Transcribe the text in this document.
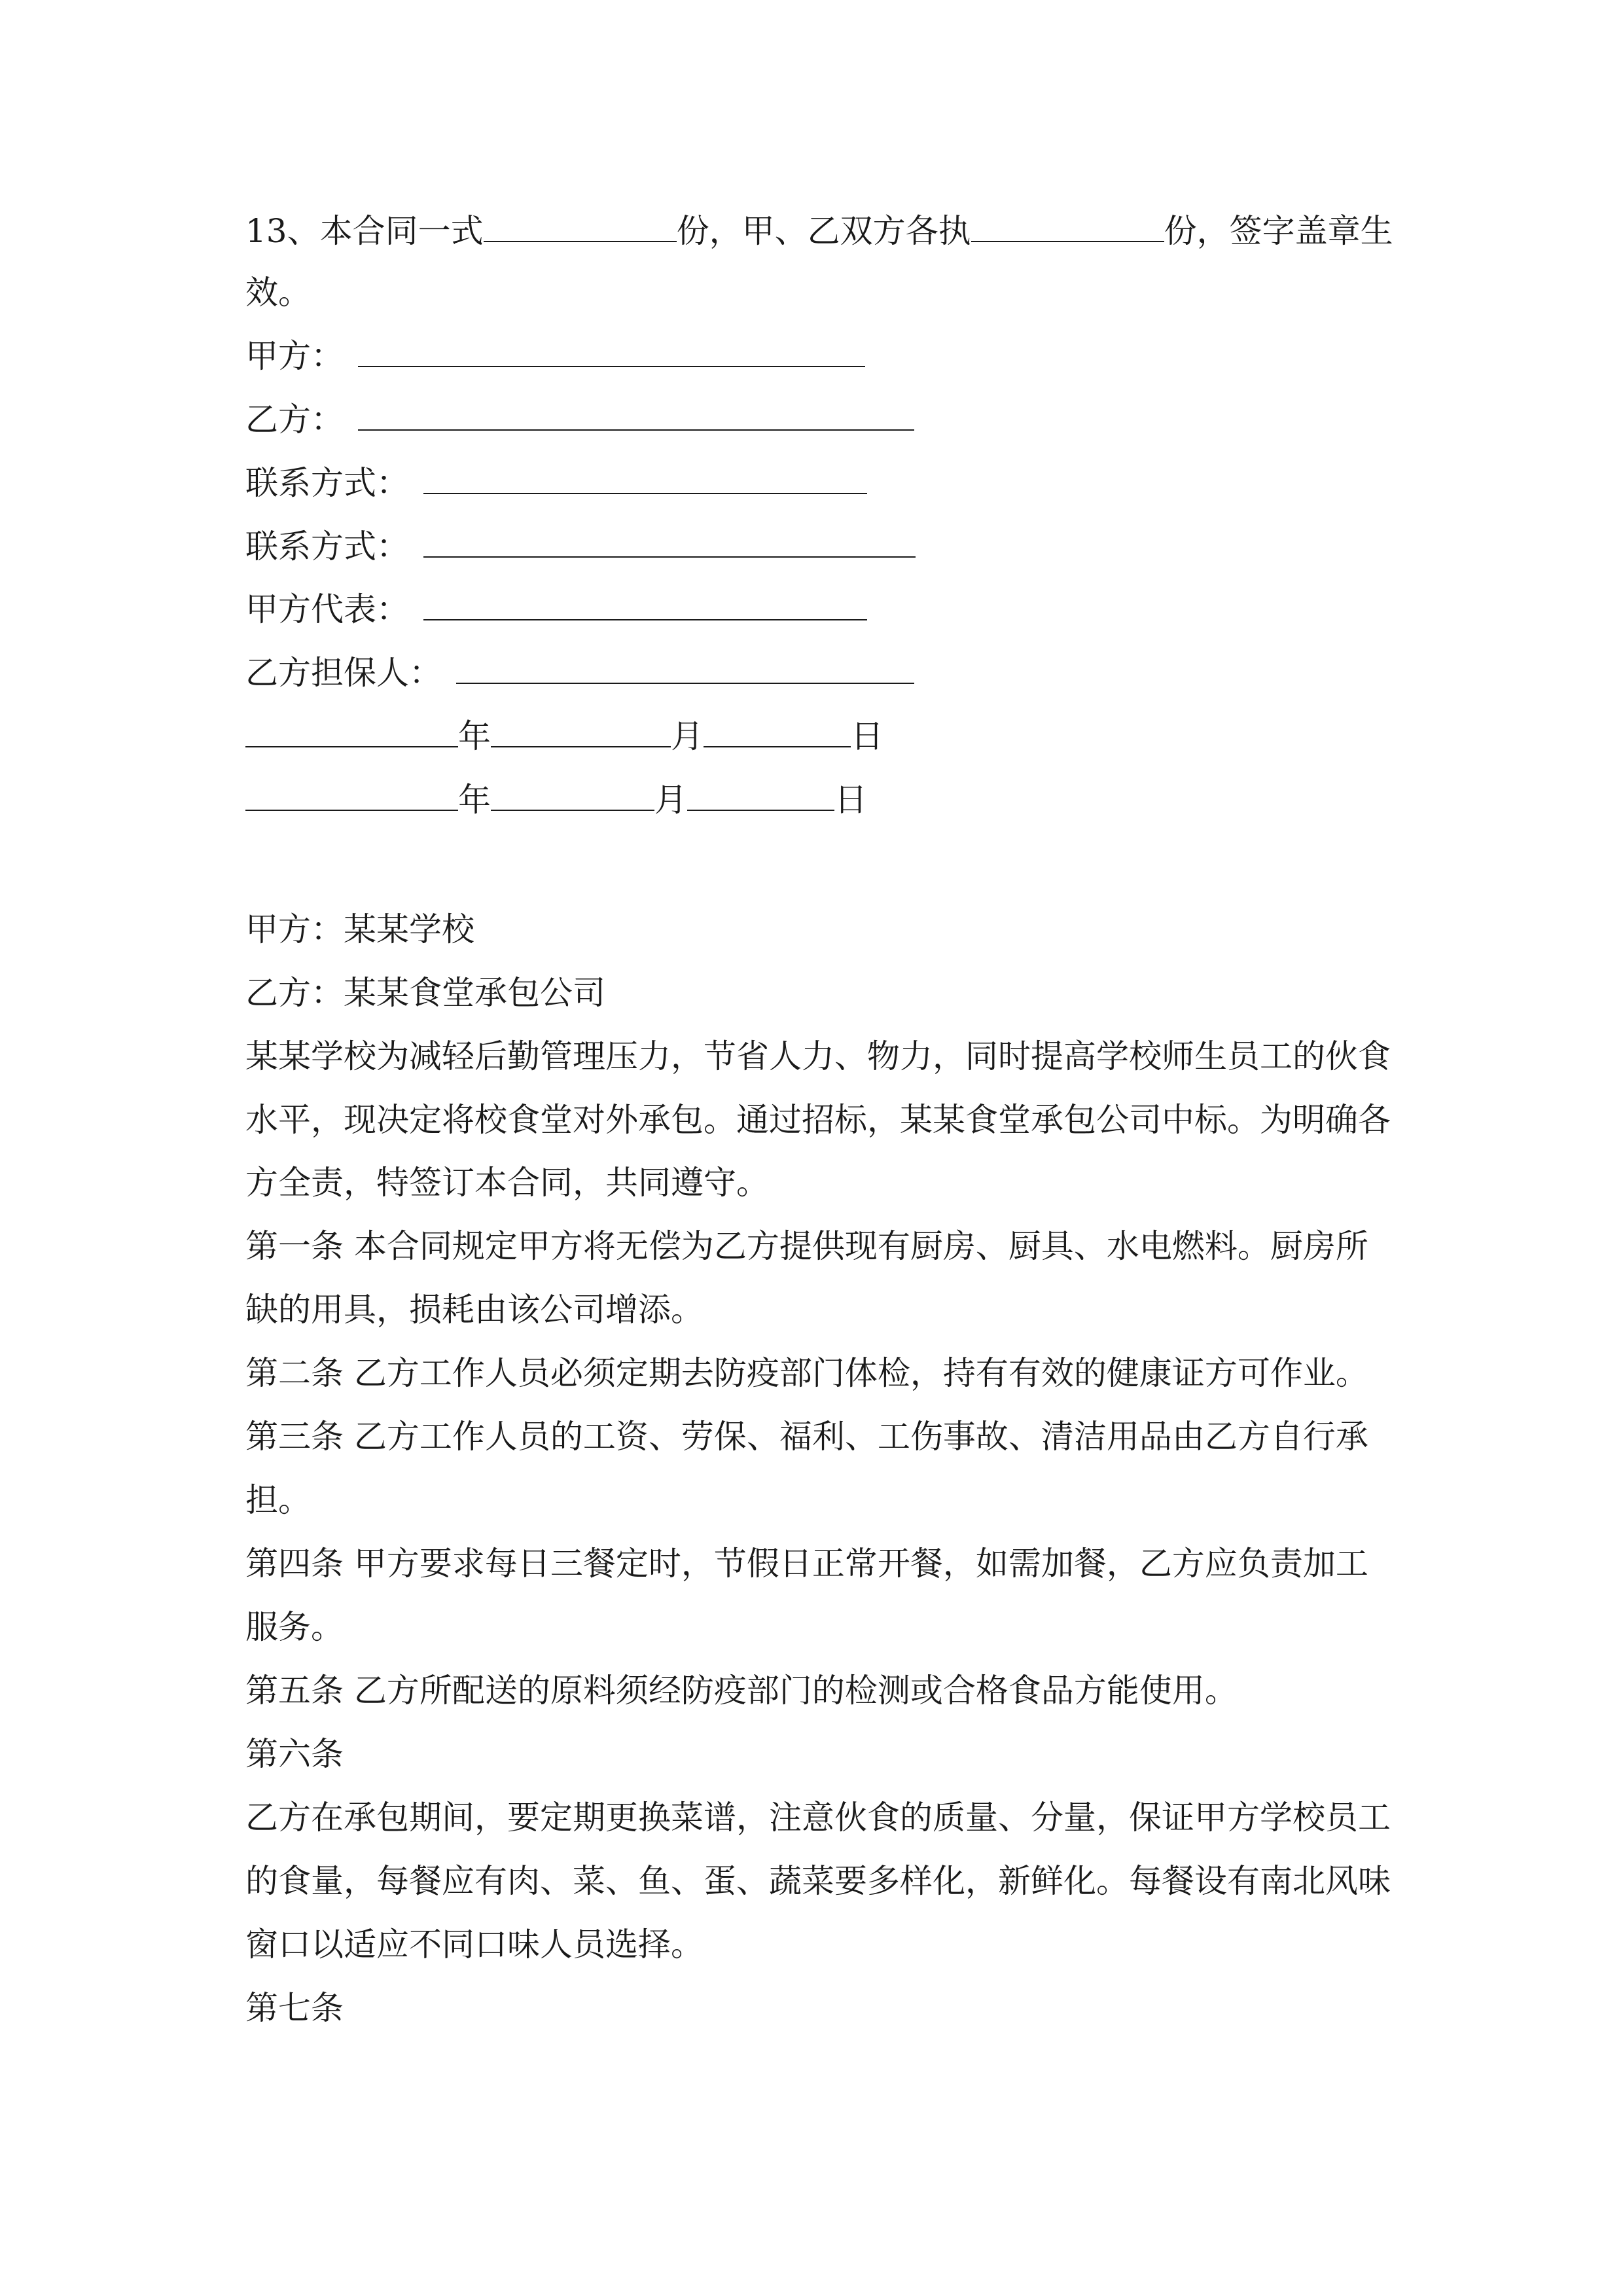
13、本合同一式	份，甲、乙双方各执	份，签字盖章生
效。
甲方：
乙方：
联系方式：
联系方式：
甲方代表：
乙方担保人：
年	月	日
年	月	日
甲方：某某学校
乙方：某某食堂承包公司
某某学校为减轻后勤管理压力，节省人力、物力，同时提高学校师生员工的伙食
水平，现决定将校食堂对外承包。通过招标，某某食堂承包公司中标。为明确各
方全责，特签订本合同，共同遵守。
第一条 本合同规定甲方将无偿为乙方提供现有厨房、厨具、水电燃料。厨房所
缺的用具，损耗由该公司增添。
第二条 乙方工作人员必须定期去防疫部门体检，持有有效的健康证方可作业。
第三条 乙方工作人员的工资、劳保、福利、工伤事故、清洁用品由乙方自行承
担。
第四条 甲方要求每日三餐定时，节假日正常开餐，如需加餐，乙方应负责加工
服务。
第五条 乙方所配送的原料须经防疫部门的检测或合格食品方能使用。
第六条
乙方在承包期间，要定期更换菜谱，注意伙食的质量、分量，保证甲方学校员工
的食量，每餐应有肉、菜、鱼、蛋、蔬菜要多样化，新鲜化。每餐设有南北风味
窗口以适应不同口味人员选择。
第七条
